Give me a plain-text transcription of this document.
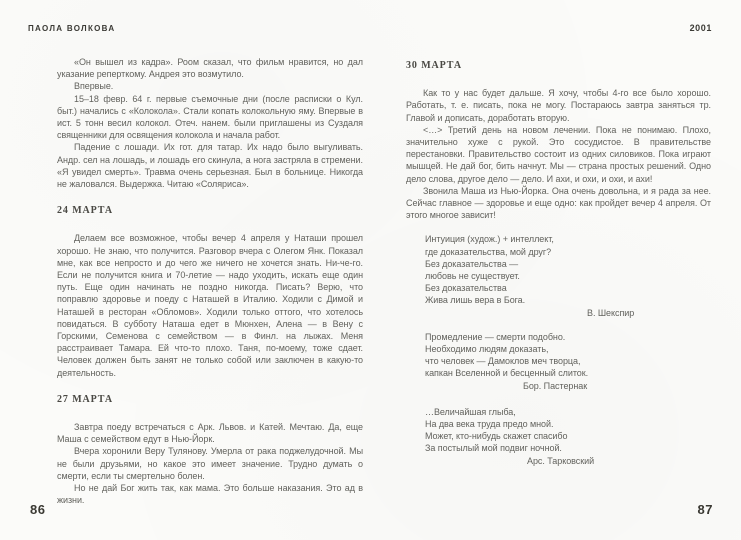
ПАОЛА ВОЛКОВА	2001

«Он вышел из кадра». Роом сказал, что фильм нравится, но дал указание реперткому. Андрея это возмутило.

Впервые.

15–18 февр. 64 г. первые съемочные дни (после расписки о Кул. быт.) начались с «Колокола». Стали копать колокольную яму. Впервые в ист. 5 тонн весил колокол. Отеч. нанем. были приглашены из Суздаля священники для освящения колокола и начала работ.

Падение с лошади. Их гот. для татар. Их надо было выгуливать. Андр. сел на лошадь, и лошадь его скинула, а нога застряла в стремени. «Я увидел смерть». Травма очень серьезная. Был в больнице. Никогда не жаловался. Выдержка. Читаю «Соляриса».

24 МАРТА

Делаем все возможное, чтобы вечер 4 апреля у Наташи прошел хорошо. Не знаю, что получится. Разговор вчера с Олегом Янк. Показал мне, как все непросто и до чего же ничего не хочется знать. Ни-че-го. Если не получится книга и 70-летие — надо уходить, искать еще один путь. Еще один начинать не поздно никогда. Писать? Верю, что поправлю здоровье и поеду с Наташей в Италию. Ходили с Димой и Наташей в ресторан «Обломов». Ходили только оттого, что хотелось повидаться. В субботу Наташа едет в Мюнхен, Алена — в Вену с Горскими, Семенова с семейством — в Финл. на лыжах. Меня расстраивает Тамара. Ей что-то плохо. Таня, по-моему, тоже сдает. Человек должен быть занят не только собой или заключен в какую-то деятельность.

27 МАРТА

Завтра поеду встречаться с Арк. Львов. и Катей. Мечтаю. Да, еще Маша с семейством едут в Нью-Йорк.

Вчера хоронили Веру Тулянову. Умерла от рака поджелудочной. Мы не были друзьями, но какое это имеет значение. Трудно думать о смерти, если ты смертельно болен.

Но не дай Бог жить так, как мама. Это больше наказания. Это ад в жизни.

30 МАРТА

Как то у нас будет дальше. Я хочу, чтобы 4-го все было хорошо. Работать, т. е. писать, пока не могу. Постараюсь завтра заняться тр. Главой и дописать, доработать вторую.

<…> Третий день на новом лечении. Пока не понимаю. Плохо, значительно хуже с рукой. Это сосудистое. В правительстве перестановки. Правительство состоит из одних силовиков. Пока играют мышцей. Не дай бог, бить начнут. Мы — страна простых решений. Одно дело слова, другое дело — дело. И ахи, и охи, и охи, и ахи!

Звонила Маша из Нью-Йорка. Она очень довольна, и я рада за нее. Сейчас главное — здоровье и еще одно: как пройдет вечер 4 апреля. От этого многое зависит!

Интуиция (худож.) + интеллект,
где доказательства, мой друг?
Без доказательства —
любовь не существует.
Без доказательства
Жива лишь вера в Бога.
В. Шекспир
Промедление — смерти подобно.
Необходимо людям доказать,
что человек — Дамоклов меч творца,
капкан Вселенной и бесценный слиток.
Бор. Пастернак
…Величайшая глыба,
На два века труда предо мной.
Может, кто-нибудь скажет спасибо
За постылый мой подвиг ночной.
Арс. Тарковский
86	87
